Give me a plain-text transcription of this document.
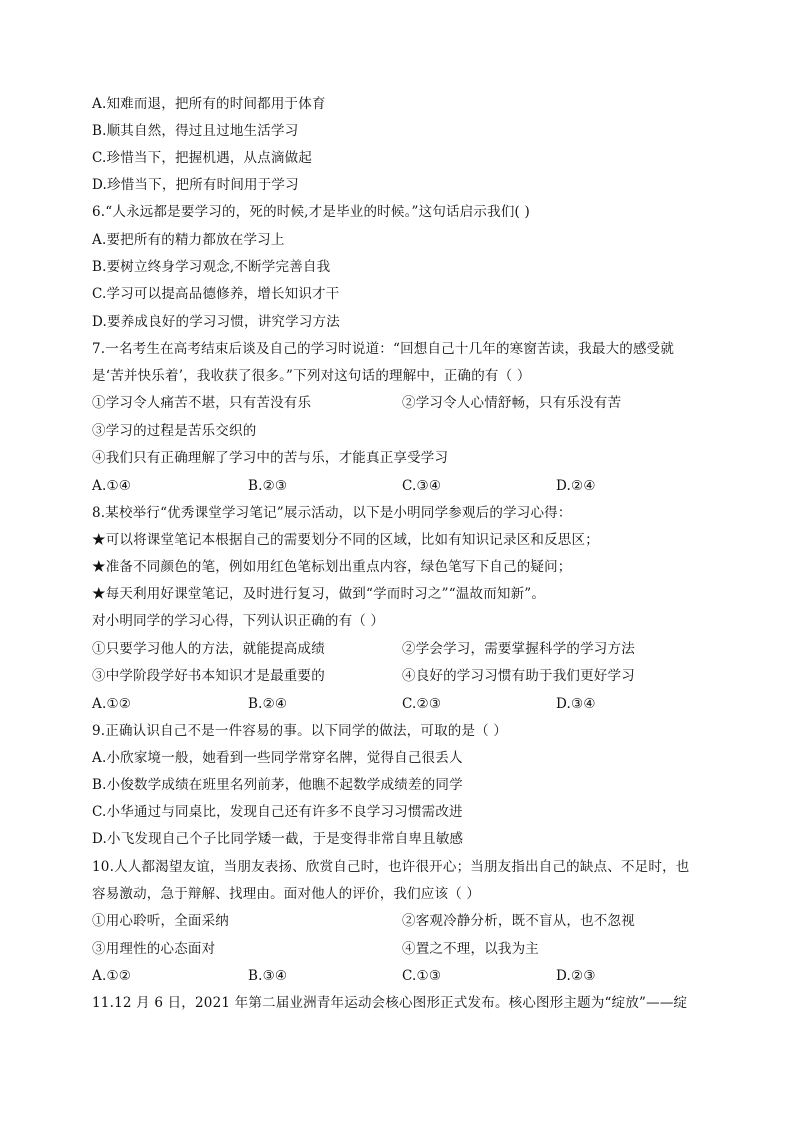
A.知难而退，把所有的时间都用于体育
B.顺其自然，得过且过地生活学习
C.珍惜当下，把握机遇，从点滴做起
D.珍惜当下，把所有时间用于学习
6.“人永远都是要学习的，死的时候,才是毕业的时候。”这句话启示我们( )
A.要把所有的精力都放在学习上
B.要树立终身学习观念,不断学完善自我
C.学习可以提高品德修养，增长知识才干
D.要养成良好的学习习惯，讲究学习方法
7.一名考生在高考结束后谈及自己的学习时说道：“回想自己十几年的寒窗苦读，我最大的感受就
是‘苦并快乐着’，我收获了很多。”下列对这句话的理解中，正确的有（ ）
①学习令人痛苦不堪，只有苦没有乐	②学习令人心情舒畅，只有乐没有苦
③学习的过程是苦乐交织的
④我们只有正确理解了学习中的苦与乐，才能真正享受学习
A.①④	B.②③	C.③④	D.②④
8.某校举行“优秀课堂学习笔记”展示活动，以下是小明同学参观后的学习心得：
★可以将课堂笔记本根据自己的需要划分不同的区域，比如有知识记录区和反思区；
★准备不同颜色的笔，例如用红色笔标划出重点内容，绿色笔写下自己的疑问；
★每天利用好课堂笔记，及时进行复习，做到“学而时习之”“温故而知新”。
对小明同学的学习心得，下列认识正确的有（ ）
①只要学习他人的方法，就能提高成绩	②学会学习，需要掌握科学的学习方法
③中学阶段学好书本知识才是最重要的	④良好的学习习惯有助于我们更好学习
A.①②	B.②④	C.②③	D.③④
9.正确认识自己不是一件容易的事。以下同学的做法，可取的是（ ）
A.小欣家境一般，她看到一些同学常穿名牌，觉得自己很丢人
B.小俊数学成绩在班里名列前茅，他瞧不起数学成绩差的同学
C.小华通过与同桌比，发现自己还有许多不良学习习惯需改进
D.小飞发现自己个子比同学矮一截，于是变得非常自卑且敏感
10.人人都渴望友谊，当朋友表扬、欣赏自己时，也许很开心；当朋友指出自己的缺点、不足时，也
容易激动，急于辩解、找理由。面对他人的评价，我们应该（ ）
①用心聆听，全面采纳	②客观冷静分析，既不盲从，也不忽视
③用理性的心态面对	④置之不理，以我为主
A.①②	B.③④	C.①③	D.②③
11.12 月 6 日，2021 年第二届业洲青年运动会核心图形正式发布。核心图形主题为“绽放”——绽
